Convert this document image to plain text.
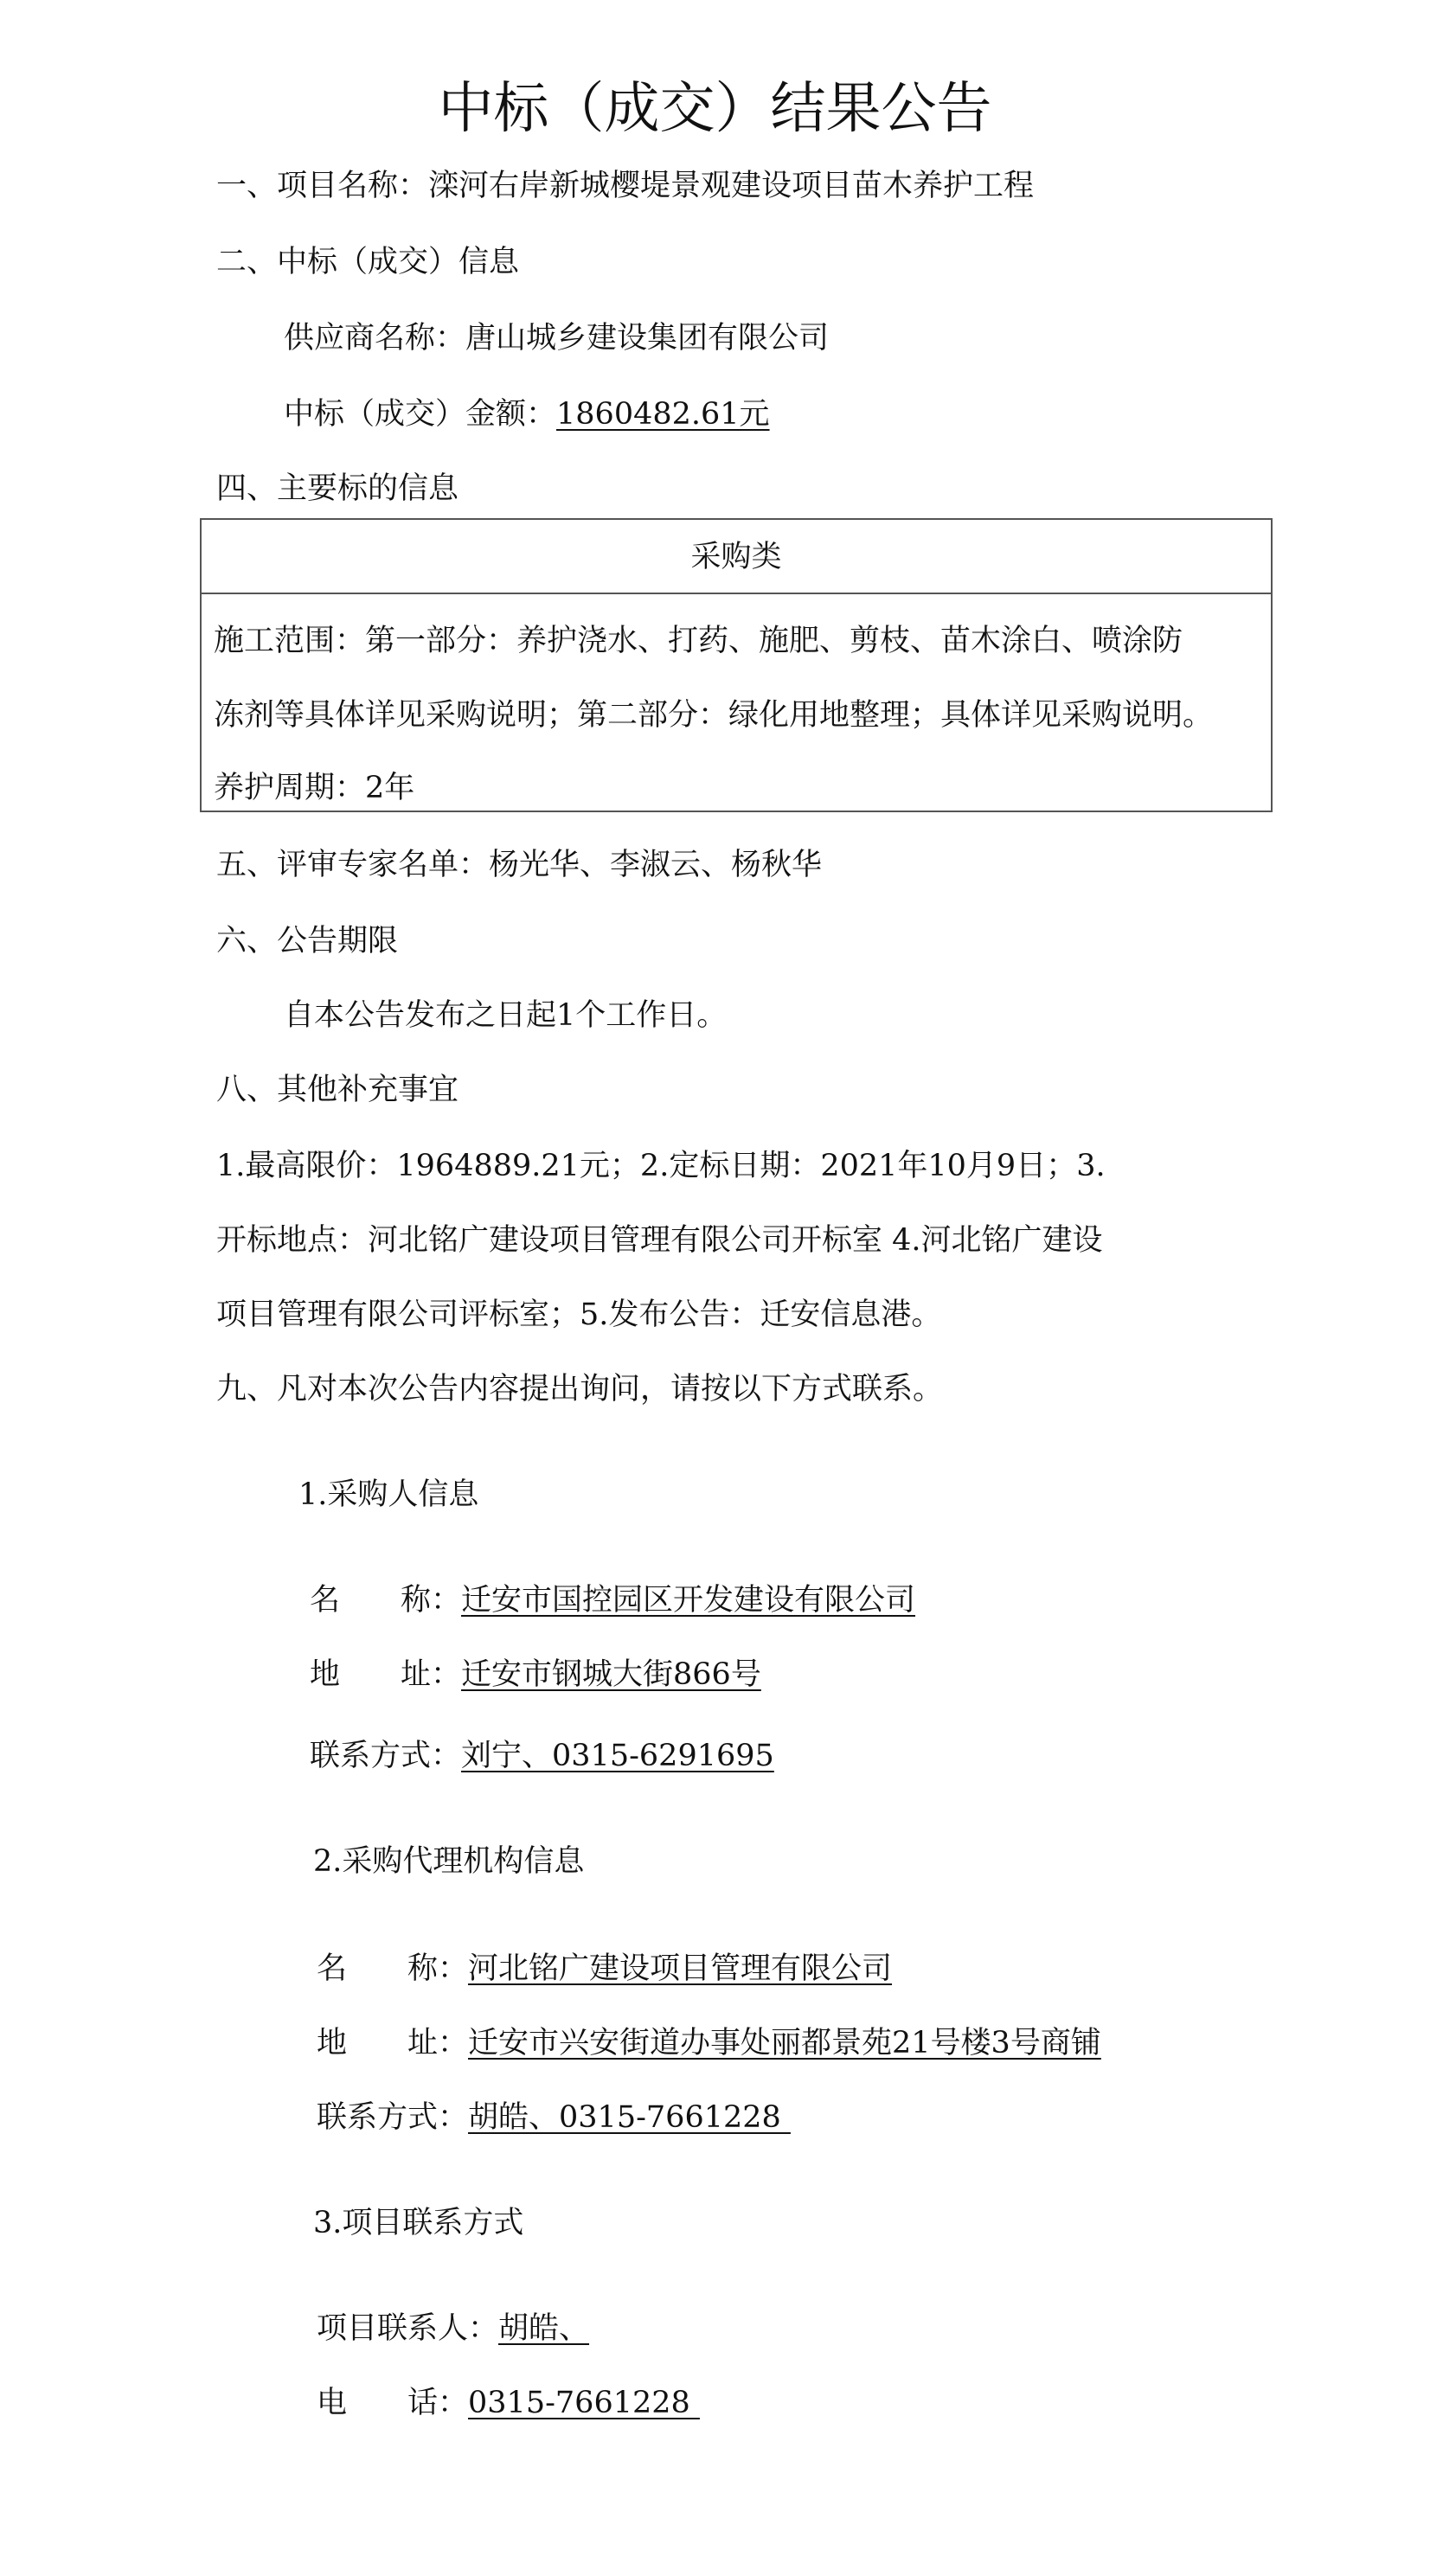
中标（成交）结果公告
一、项目名称：滦河右岸新城樱堤景观建设项目苗木养护工程
二、中标（成交）信息
供应商名称：唐山城乡建设集团有限公司
中标（成交）金额：1860482.61元
四、主要标的信息
采购类
施工范围：第一部分：养护浇水、打药、施肥、剪枝、苗木涂白、喷涂防
冻剂等具体详见采购说明；第二部分：绿化用地整理；具体详见采购说明。
养护周期：2年
五、评审专家名单：杨光华、李淑云、杨秋华
六、公告期限
自本公告发布之日起1个工作日。
八、其他补充事宜
1.最高限价：1964889.21元；2.定标日期：2021年10月9日；3.
开标地点：河北铭广建设项目管理有限公司开标室 4.河北铭广建设
项目管理有限公司评标室；5.发布公告：迁安信息港。
九、凡对本次公告内容提出询问，请按以下方式联系。
1.采购人信息
名　　称：迁安市国控园区开发建设有限公司
地　　址：迁安市钢城大街866号
联系方式：刘宁、0315-6291695
2.采购代理机构信息
名　　称：河北铭广建设项目管理有限公司
地　　址：迁安市兴安街道办事处丽都景苑21号楼3号商铺
联系方式：胡皓、0315-7661228
3.项目联系方式
项目联系人：胡皓、
电　　话：0315-7661228
